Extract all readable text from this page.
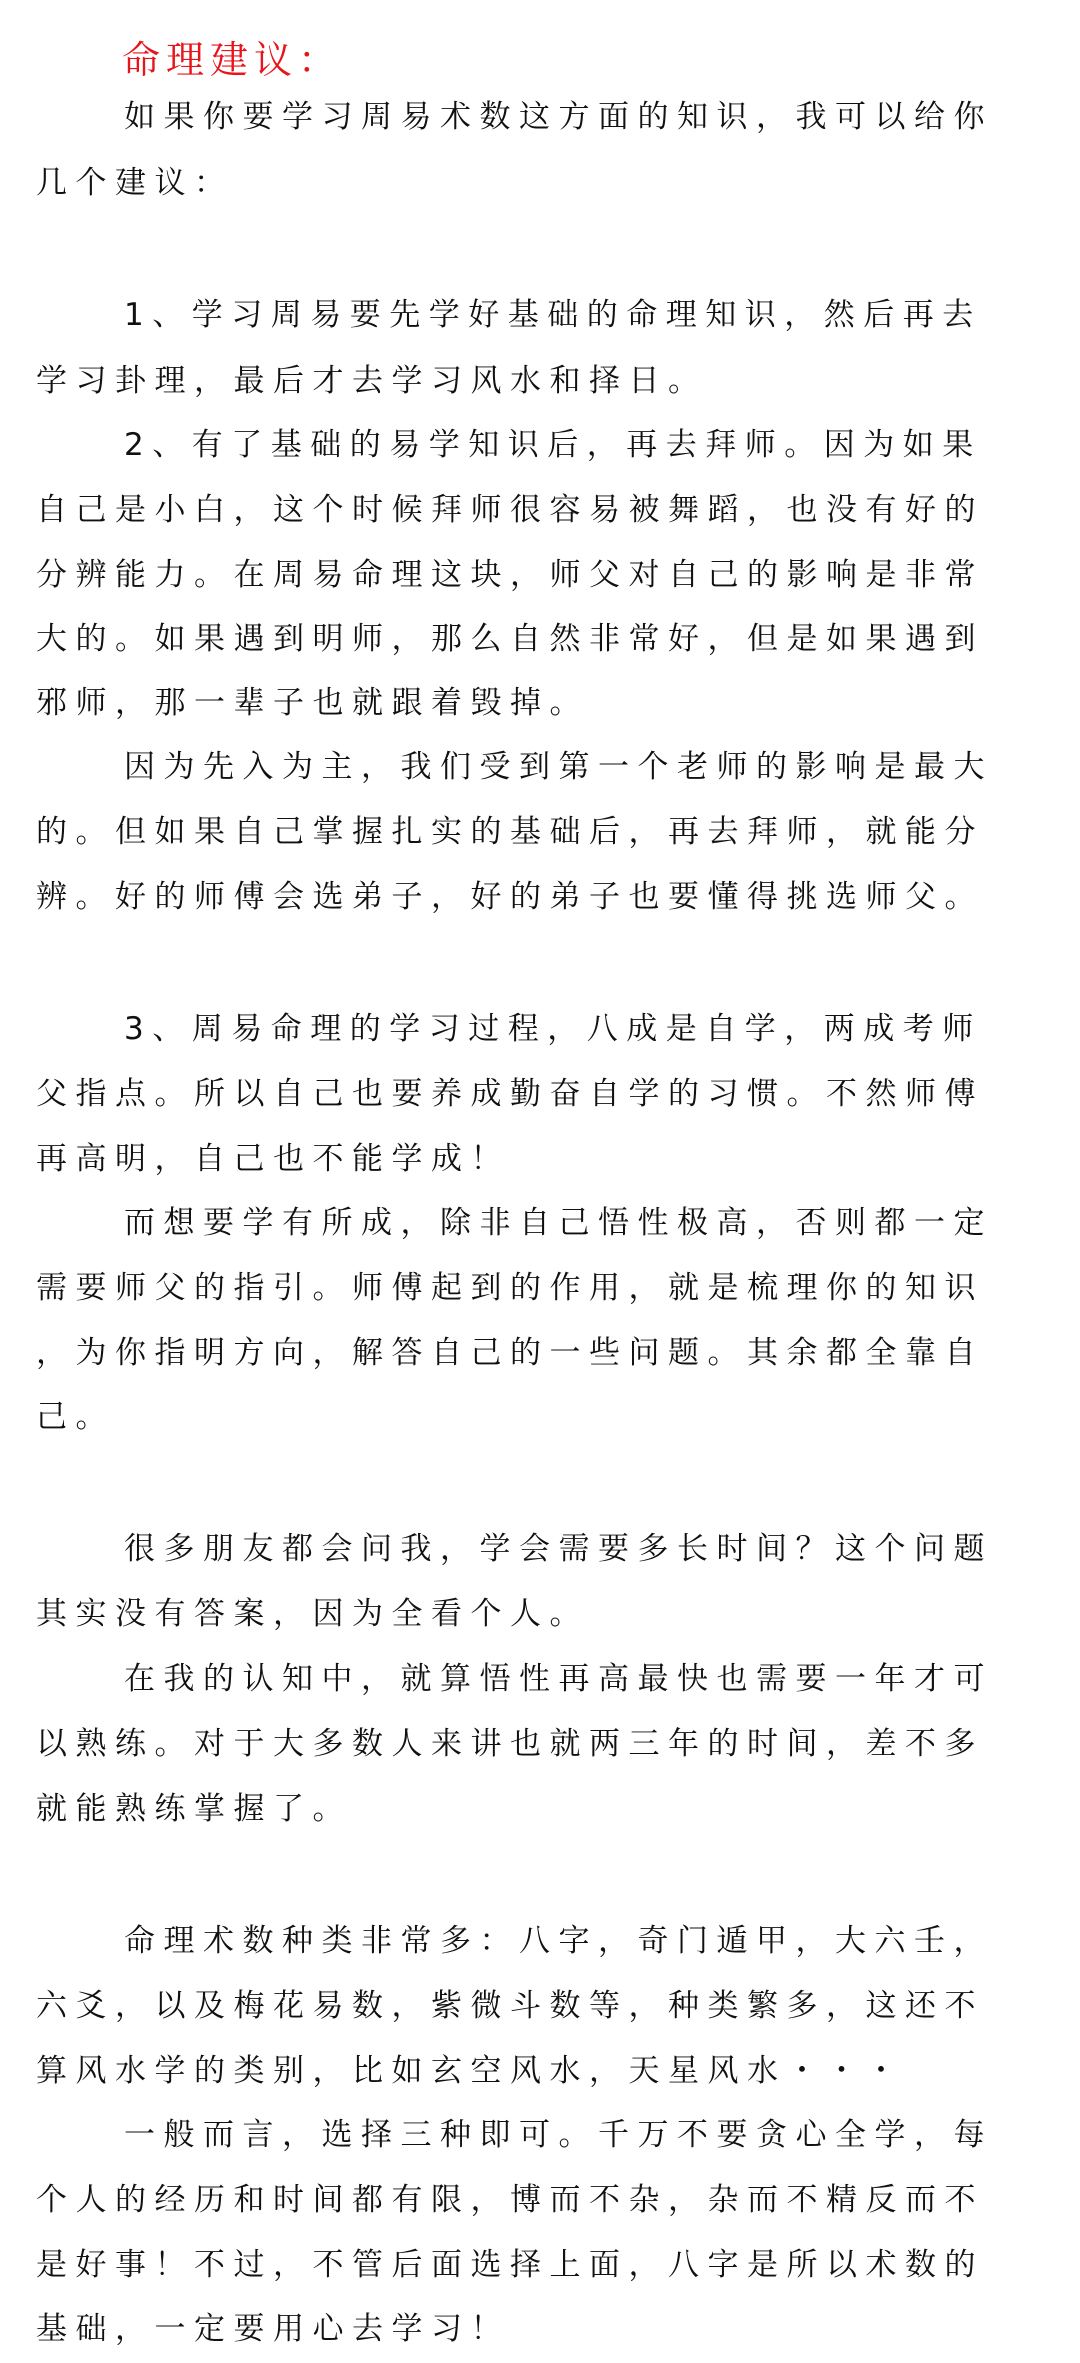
命理建议：
如果你要学习周易术数这方面的知识，我可以给你
几个建议：
1、学习周易要先学好基础的命理知识，然后再去
学习卦理，最后才去学习风水和择日。
2、有了基础的易学知识后，再去拜师。因为如果
自己是小白，这个时候拜师很容易被舞蹈，也没有好的
分辨能力。在周易命理这块，师父对自己的影响是非常
大的。如果遇到明师，那么自然非常好，但是如果遇到
邪师，那一辈子也就跟着毁掉。
因为先入为主，我们受到第一个老师的影响是最大
的。但如果自己掌握扎实的基础后，再去拜师，就能分
辨。好的师傅会选弟子，好的弟子也要懂得挑选师父。
3、周易命理的学习过程，八成是自学，两成考师
父指点。所以自己也要养成勤奋自学的习惯。不然师傅
再高明，自己也不能学成！
而想要学有所成，除非自己悟性极高，否则都一定
需要师父的指引。师傅起到的作用，就是梳理你的知识
，为你指明方向，解答自己的一些问题。其余都全靠自
己。
很多朋友都会问我，学会需要多长时间？这个问题
其实没有答案，因为全看个人。
在我的认知中，就算悟性再高最快也需要一年才可
以熟练。对于大多数人来讲也就两三年的时间，差不多
就能熟练掌握了。
命理术数种类非常多：八字，奇门遁甲，大六壬，
六爻，以及梅花易数，紫微斗数等，种类繁多，这还不
算风水学的类别，比如玄空风水，天星风水・・・
一般而言，选择三种即可。千万不要贪心全学，每
个人的经历和时间都有限，博而不杂，杂而不精反而不
是好事！不过，不管后面选择上面，八字是所以术数的
基础，一定要用心去学习！
